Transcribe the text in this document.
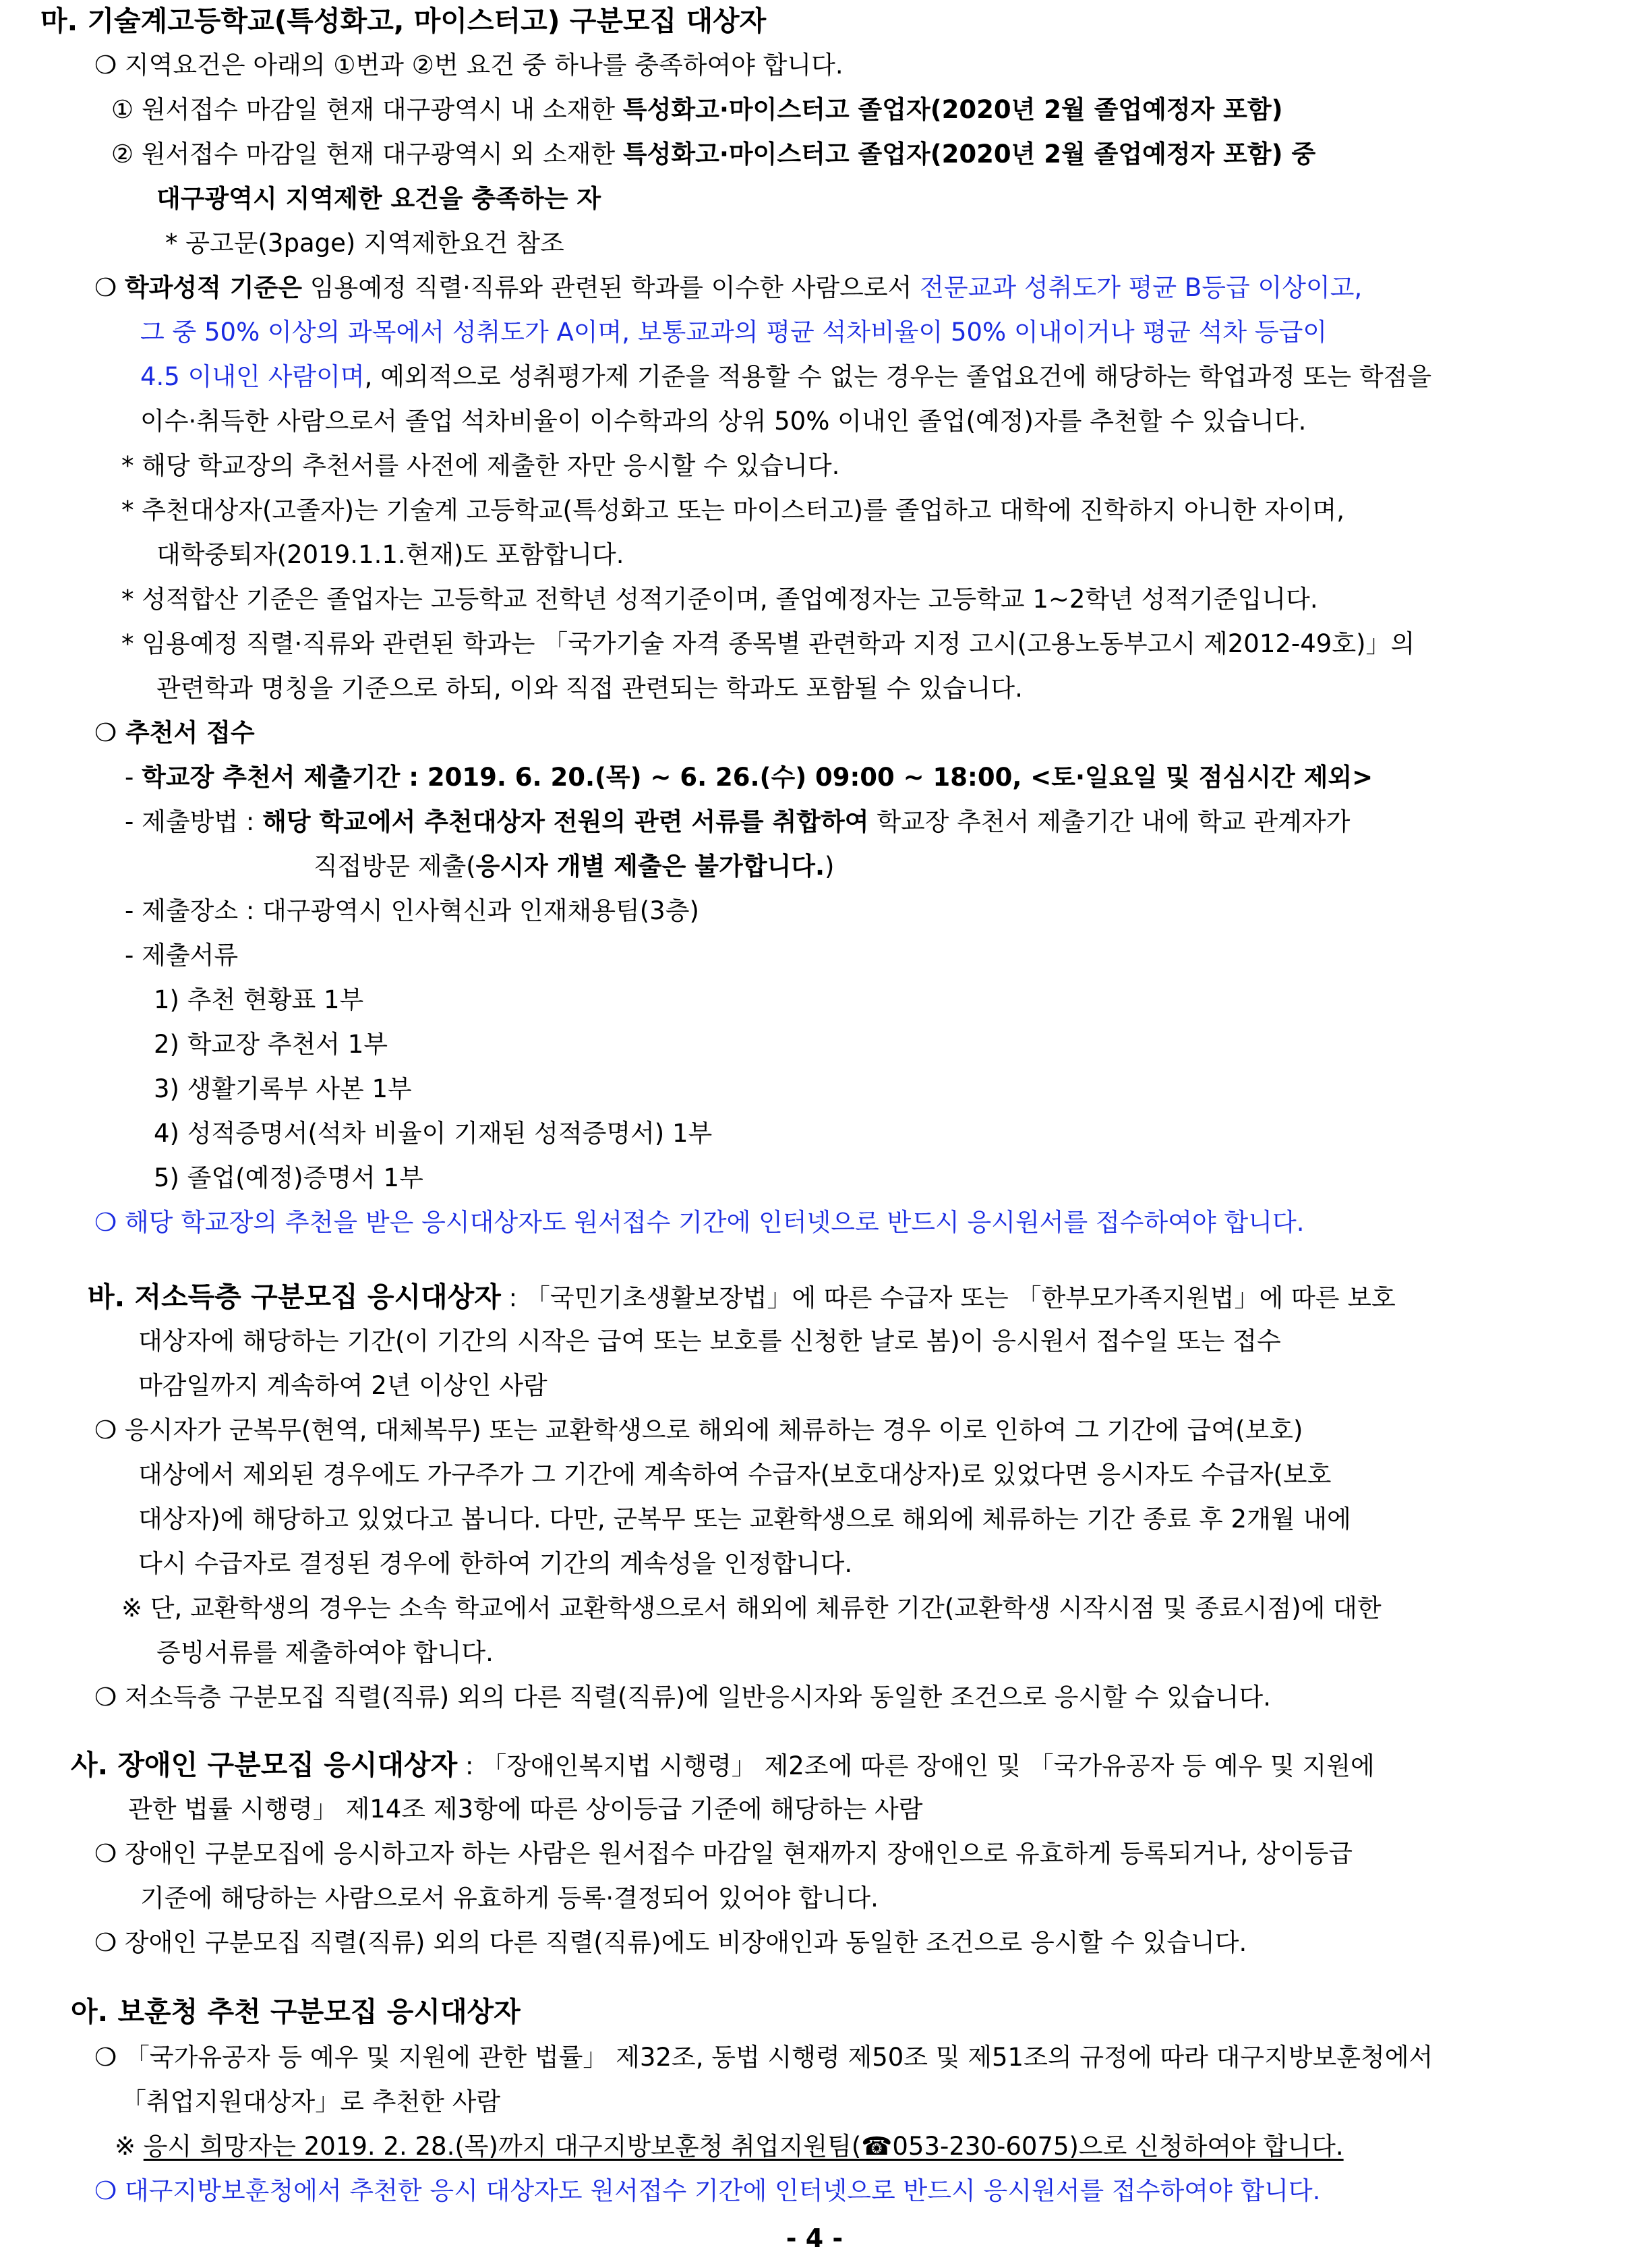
마. 기술계고등학교(특성화고, 마이스터고) 구분모집 대상자
❍ 지역요건은 아래의 ①번과 ②번 요건 중 하나를 충족하여야 합니다.
① 원서접수 마감일 현재 대구광역시 내 소재한 특성화고·마이스터고 졸업자(2020년 2월 졸업예정자 포함)
② 원서접수 마감일 현재 대구광역시 외 소재한 특성화고·마이스터고 졸업자(2020년 2월 졸업예정자 포함) 중
대구광역시 지역제한 요건을 충족하는 자
* 공고문(3page) 지역제한요건 참조
❍ 학과성적 기준은 임용예정 직렬·직류와 관련된 학과를 이수한 사람으로서 전문교과 성취도가 평균 B등급 이상이고,
그 중 50% 이상의 과목에서 성취도가 A이며, 보통교과의 평균 석차비율이 50% 이내이거나 평균 석차 등급이
4.5 이내인 사람이며, 예외적으로 성취평가제 기준을 적용할 수 없는 경우는 졸업요건에 해당하는 학업과정 또는 학점을
이수·취득한 사람으로서 졸업 석차비율이 이수학과의 상위 50% 이내인 졸업(예정)자를 추천할 수 있습니다.
* 해당 학교장의 추천서를 사전에 제출한 자만 응시할 수 있습니다.
* 추천대상자(고졸자)는 기술계 고등학교(특성화고 또는 마이스터고)를 졸업하고 대학에 진학하지 아니한 자이며,
대학중퇴자(2019.1.1.현재)도 포함합니다.
* 성적합산 기준은 졸업자는 고등학교 전학년 성적기준이며, 졸업예정자는 고등학교 1~2학년 성적기준입니다.
* 임용예정 직렬·직류와 관련된 학과는 「국가기술 자격 종목별 관련학과 지정 고시(고용노동부고시 제2012-49호)」의
관련학과 명칭을 기준으로 하되, 이와 직접 관련되는 학과도 포함될 수 있습니다.
❍ 추천서 접수
- 학교장 추천서 제출기간 : 2019. 6. 20.(목) ~ 6. 26.(수) 09:00 ~ 18:00, <토·일요일 및 점심시간 제외>
- 제출방법 : 해당 학교에서 추천대상자 전원의 관련 서류를 취합하여 학교장 추천서 제출기간 내에 학교 관계자가
직접방문 제출(응시자 개별 제출은 불가합니다.)
- 제출장소 : 대구광역시 인사혁신과 인재채용팀(3층)
- 제출서류
1) 추천 현황표 1부
2) 학교장 추천서 1부
3) 생활기록부 사본 1부
4) 성적증명서(석차 비율이 기재된 성적증명서) 1부
5) 졸업(예정)증명서 1부
❍ 해당 학교장의 추천을 받은 응시대상자도 원서접수 기간에 인터넷으로 반드시 응시원서를 접수하여야 합니다.
바. 저소득층 구분모집 응시대상자 : 「국민기초생활보장법」에 따른 수급자 또는 「한부모가족지원법」에 따른 보호
대상자에 해당하는 기간(이 기간의 시작은 급여 또는 보호를 신청한 날로 봄)이 응시원서 접수일 또는 접수
마감일까지 계속하여 2년 이상인 사람
❍ 응시자가 군복무(현역, 대체복무) 또는 교환학생으로 해외에 체류하는 경우 이로 인하여 그 기간에 급여(보호)
대상에서 제외된 경우에도 가구주가 그 기간에 계속하여 수급자(보호대상자)로 있었다면 응시자도 수급자(보호
대상자)에 해당하고 있었다고 봅니다. 다만, 군복무 또는 교환학생으로 해외에 체류하는 기간 종료 후 2개월 내에
다시 수급자로 결정된 경우에 한하여 기간의 계속성을 인정합니다.
※ 단, 교환학생의 경우는 소속 학교에서 교환학생으로서 해외에 체류한 기간(교환학생 시작시점 및 종료시점)에 대한
증빙서류를 제출하여야 합니다.
❍ 저소득층 구분모집 직렬(직류) 외의 다른 직렬(직류)에 일반응시자와 동일한 조건으로 응시할 수 있습니다.
사. 장애인 구분모집 응시대상자 : 「장애인복지법 시행령」 제2조에 따른 장애인 및 「국가유공자 등 예우 및 지원에
관한 법률 시행령」 제14조 제3항에 따른 상이등급 기준에 해당하는 사람
❍ 장애인 구분모집에 응시하고자 하는 사람은 원서접수 마감일 현재까지 장애인으로 유효하게 등록되거나, 상이등급
기준에 해당하는 사람으로서 유효하게 등록·결정되어 있어야 합니다.
❍ 장애인 구분모집 직렬(직류) 외의 다른 직렬(직류)에도 비장애인과 동일한 조건으로 응시할 수 있습니다.
아. 보훈청 추천 구분모집 응시대상자
❍ 「국가유공자 등 예우 및 지원에 관한 법률」 제32조, 동법 시행령 제50조 및 제51조의 규정에 따라 대구지방보훈청에서
「취업지원대상자」로 추천한 사람
※ 응시 희망자는 2019. 2. 28.(목)까지 대구지방보훈청 취업지원팀(☎053-230-6075)으로 신청하여야 합니다.
❍ 대구지방보훈청에서 추천한 응시 대상자도 원서접수 기간에 인터넷으로 반드시 응시원서를 접수하여야 합니다.
- 4 -
